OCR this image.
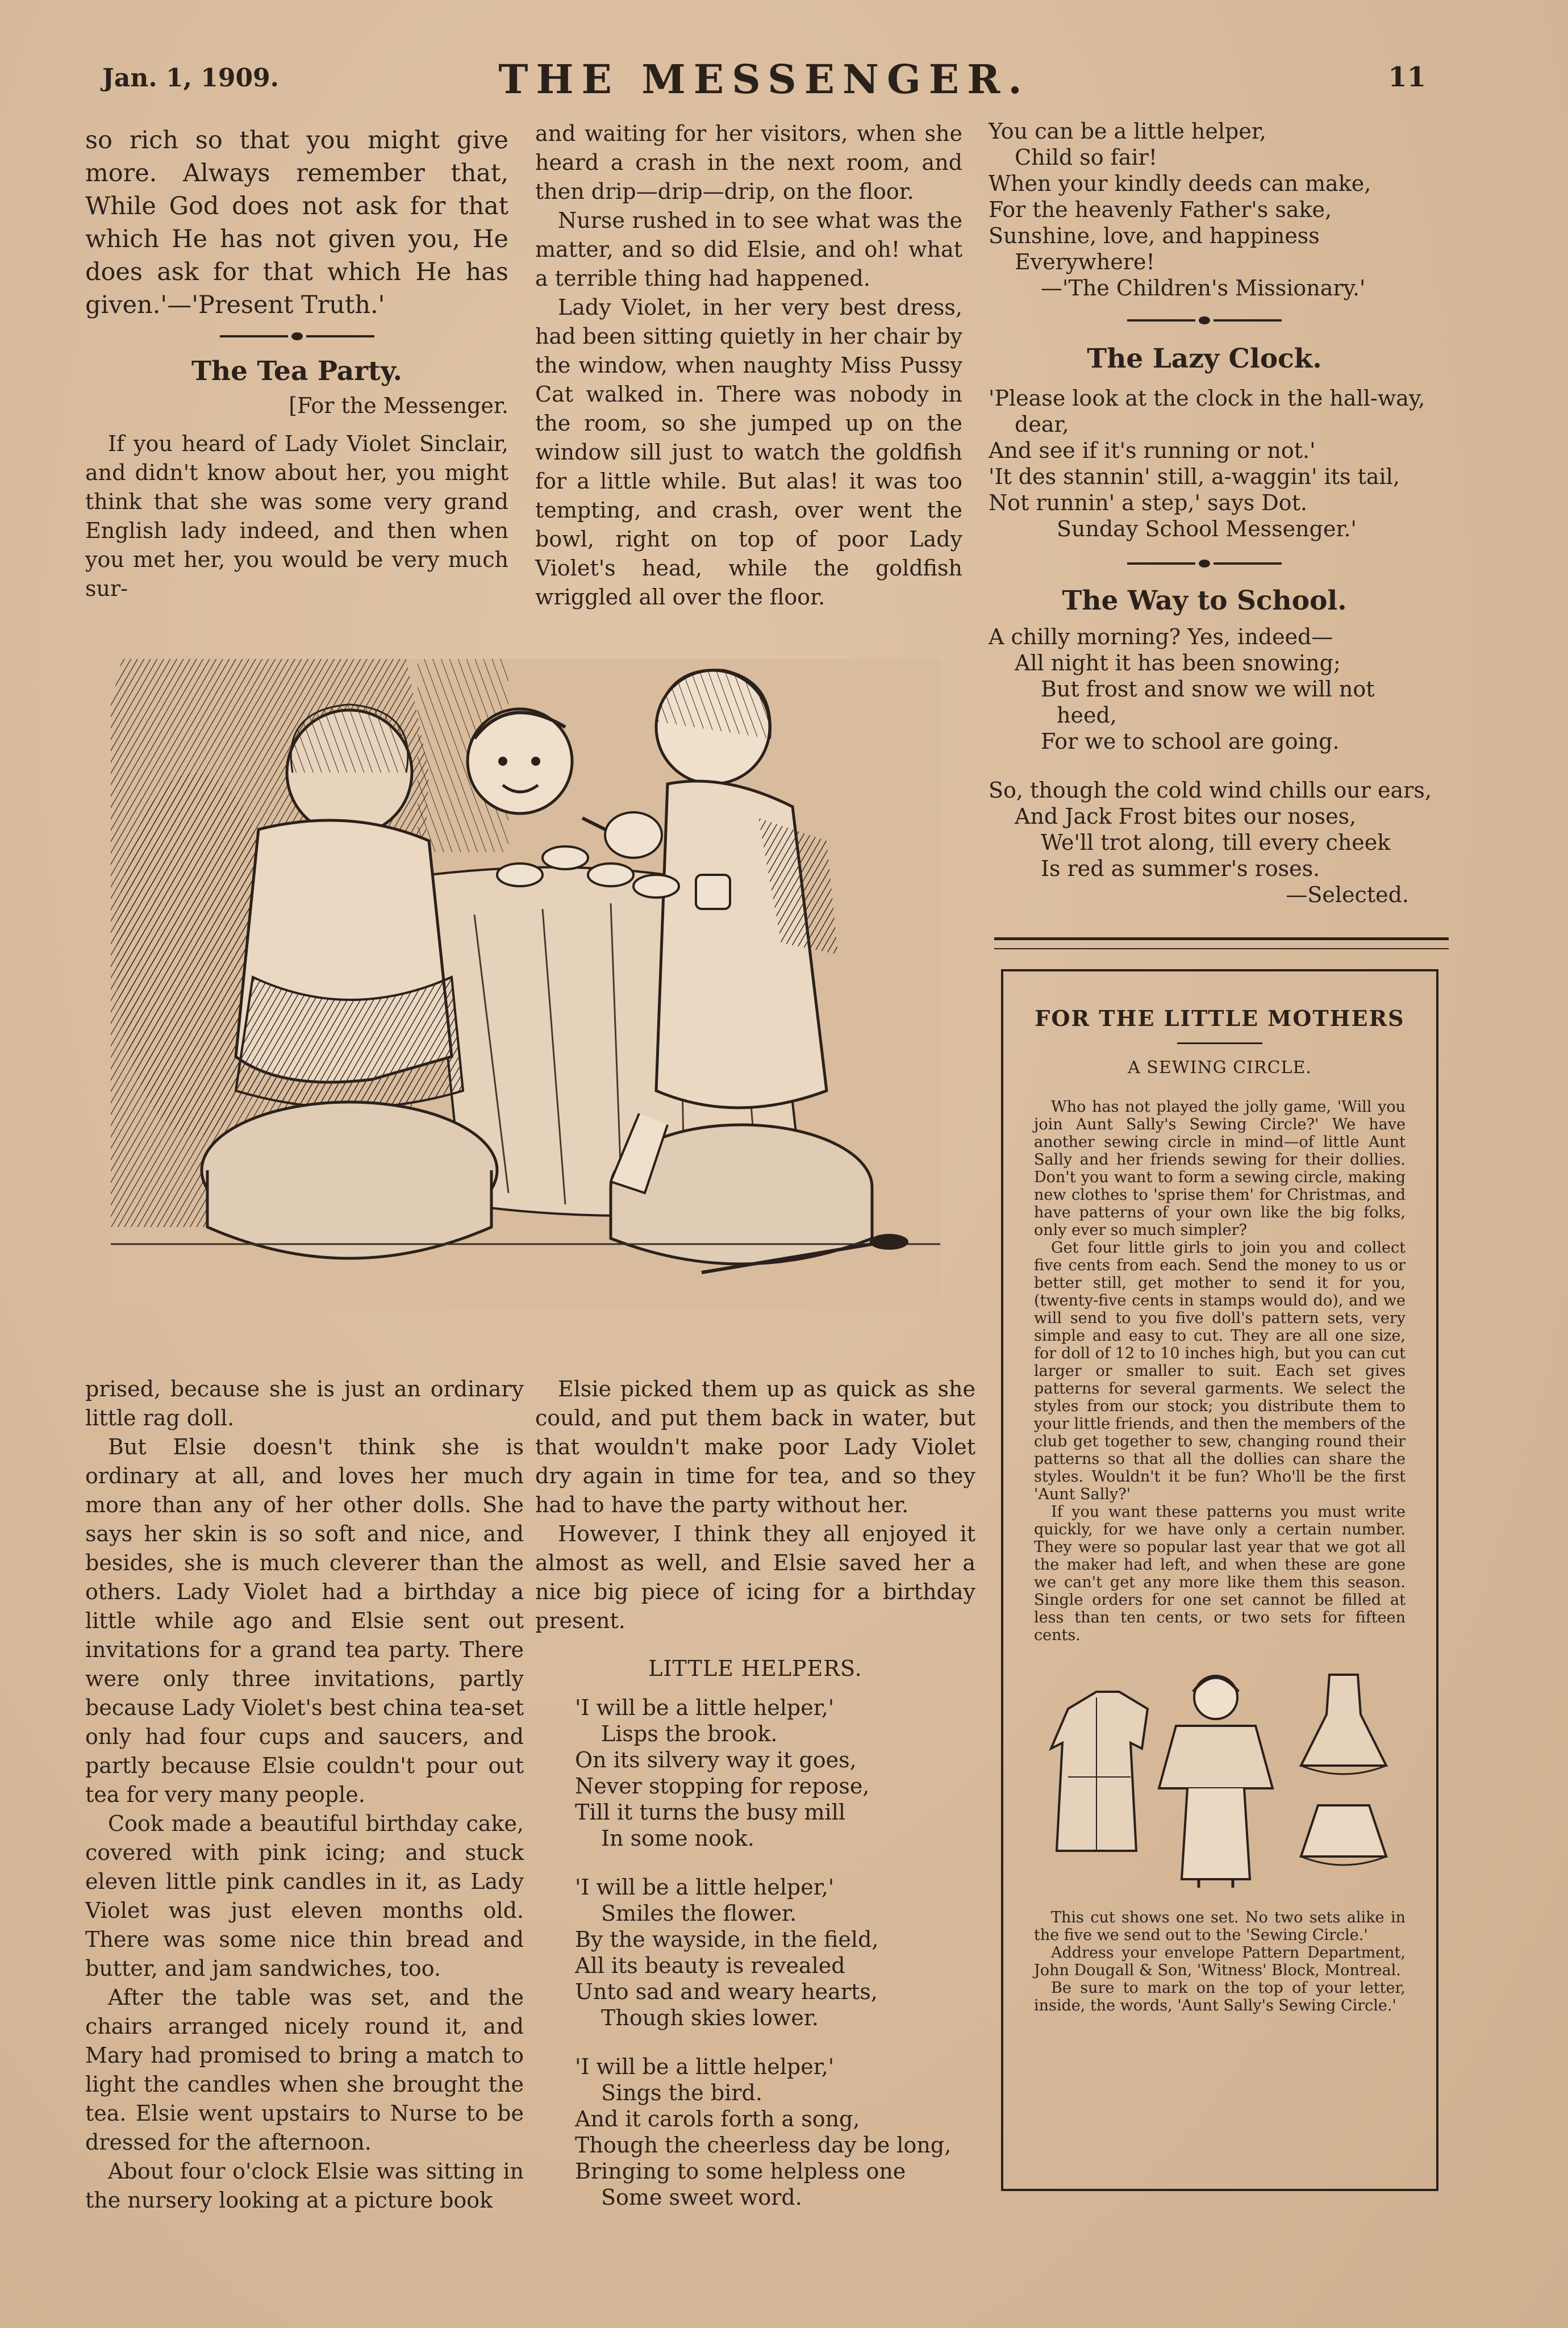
Jan. 1, 1909.	THE MESSENGER.	11

so rich so that you might give more. Always remember that, While God does not ask for that which He has not given you, He does ask for that which He has given.'—'Present Truth.'

The Tea Party.

[For the Messenger.

If you heard of Lady Violet Sinclair, and didn't know about her, you might think that she was some very grand English lady indeed, and then when you met her, you would be very much sur-

and waiting for her visitors, when she heard a crash in the next room, and then drip—drip—drip, on the floor.

Nurse rushed in to see what was the matter, and so did Elsie, and oh! what a terrible thing had happened.

Lady Violet, in her very best dress, had been sitting quietly in her chair by the window, when naughty Miss Pussy Cat walked in. There was nobody in the room, so she jumped up on the window sill just to watch the goldfish for a little while. But alas! it was too tempting, and crash, over went the bowl, right on top of poor Lady Violet's head, while the goldfish wriggled all over the floor.

You can be a little helper,
Child so fair!
When your kindly deeds can make,
For the heavenly Father's sake,
Sunshine, love, and happiness
Everywhere!
—'The Children's Missionary.'
The Lazy Clock.
'Please look at the clock in the hall-way,
dear,
And see if it's running or not.'
'It des stannin' still, a-waggin' its tail,
Not runnin' a step,' says Dot.
Sunday School Messenger.'
The Way to School.
A chilly morning? Yes, indeed—
All night it has been snowing;
But frost and snow we will not
heed,
For we to school are going.
So, though the cold wind chills our ears,
And Jack Frost bites our noses,
We'll trot along, till every cheek
Is red as summer's roses.
—Selected.
FOR THE LITTLE MOTHERS
A SEWING CIRCLE.

Who has not played the jolly game, 'Will you join Aunt Sally's Sewing Circle?' We have another sewing circle in mind—of little Aunt Sally and her friends sewing for their dollies. Don't you want to form a sewing circle, making new clothes to 'sprise them' for Christmas, and have patterns of your own like the big folks, only ever so much simpler?

Get four little girls to join you and collect five cents from each. Send the money to us or better still, get mother to send it for you, (twenty-five cents in stamps would do), and we will send to you five doll's pattern sets, very simple and easy to cut. They are all one size, for doll of 12 to 10 inches high, but you can cut larger or smaller to suit. Each set gives patterns for several garments. We select the styles from our stock; you distribute them to your little friends, and then the members of the club get together to sew, changing round their patterns so that all the dollies can share the styles. Wouldn't it be fun? Who'll be the first 'Aunt Sally?'

If you want these patterns you must write quickly, for we have only a certain number. They were so popular last year that we got all the maker had left, and when these are gone we can't get any more like them this season. Single orders for one set cannot be filled at less than ten cents, or two sets for fifteen cents.

This cut shows one set. No two sets alike in the five we send out to the 'Sewing Circle.'

Address your envelope Pattern Department, John Dougall & Son, 'Witness' Block, Montreal.

Be sure to mark on the top of your letter, inside, the words, 'Aunt Sally's Sewing Circle.'

prised, because she is just an ordinary little rag doll.

But Elsie doesn't think she is ordinary at all, and loves her much more than any of her other dolls. She says her skin is so soft and nice, and besides, she is much cleverer than the others. Lady Violet had a birthday a little while ago and Elsie sent out invitations for a grand tea party. There were only three invitations, partly because Lady Violet's best china tea-set only had four cups and saucers, and partly because Elsie couldn't pour out tea for very many people.

Cook made a beautiful birthday cake, covered with pink icing; and stuck eleven little pink candles in it, as Lady Violet was just eleven months old. There was some nice thin bread and butter, and jam sandwiches, too.

After the table was set, and the chairs arranged nicely round it, and Mary had promised to bring a match to light the candles when she brought the tea. Elsie went upstairs to Nurse to be dressed for the afternoon.

About four o'clock Elsie was sitting in the nursery looking at a picture book

Elsie picked them up as quick as she could, and put them back in water, but that wouldn't make poor Lady Violet dry again in time for tea, and so they had to have the party without her.

However, I think they all enjoyed it almost as well, and Elsie saved her a nice big piece of icing for a birthday present.

LITTLE HELPERS.
'I will be a little helper,'
Lisps the brook.
On its silvery way it goes,
Never stopping for repose,
Till it turns the busy mill
In some nook.
'I will be a little helper,'
Smiles the flower.
By the wayside, in the field,
All its beauty is revealed
Unto sad and weary hearts,
Though skies lower.
'I will be a little helper,'
Sings the bird.
And it carols forth a song,
Though the cheerless day be long,
Bringing to some helpless one
Some sweet word.
